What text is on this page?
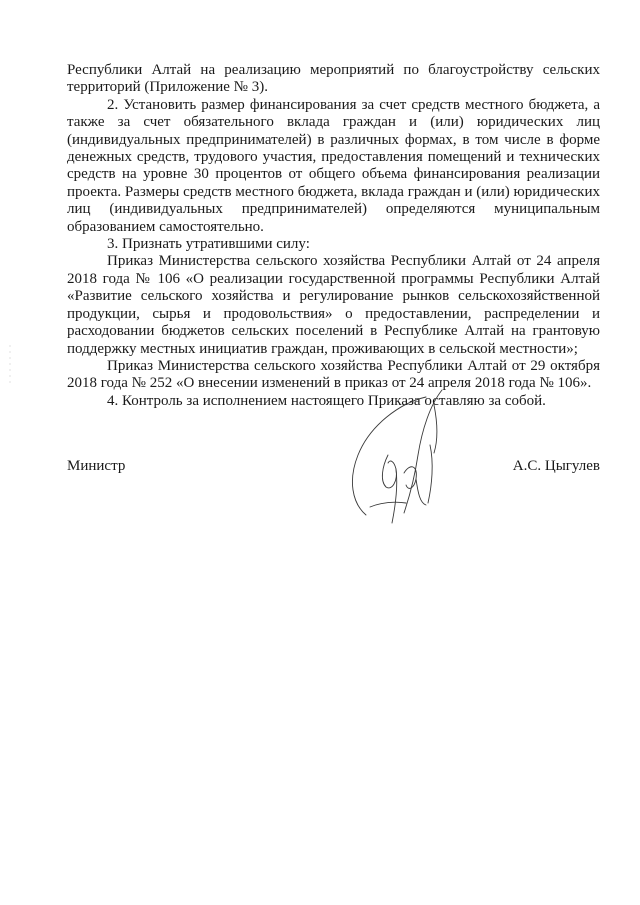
Республики Алтай на реализацию мероприятий по благоустройству сельских территорий (Приложение № 3).

2. Установить размер финансирования за счет средств местного бюджета, а также за счет обязательного вклада граждан и (или) юридических лиц (индивидуальных предпринимателей) в различных формах, в том числе в форме денежных средств, трудового участия, предоставления помещений и технических средств на уровне 30 процентов от общего объема финансирования реализации проекта. Размеры средств местного бюджета, вклада граждан и (или) юридических лиц (индивидуальных предпринимателей) определяются муниципальным образованием самостоятельно.

3. Признать утратившими силу:

Приказ Министерства сельского хозяйства Республики Алтай от 24 апреля 2018 года № 106 «О реализации государственной программы Республики Алтай «Развитие сельского хозяйства и регулирование рынков сельскохозяйственной продукции, сырья и продовольствия» о предоставлении, распределении и расходовании бюджетов сельских поселений в Республике Алтай на грантовую поддержку местных инициатив граждан, проживающих в сельской местности»;

Приказ Министерства сельского хозяйства Республики Алтай от 29 октября 2018 года № 252 «О внесении изменений в приказ от 24 апреля 2018 года № 106».

4. Контроль за исполнением настоящего Приказа оставляю за собой.

Министр	А.С. Цыгулев
